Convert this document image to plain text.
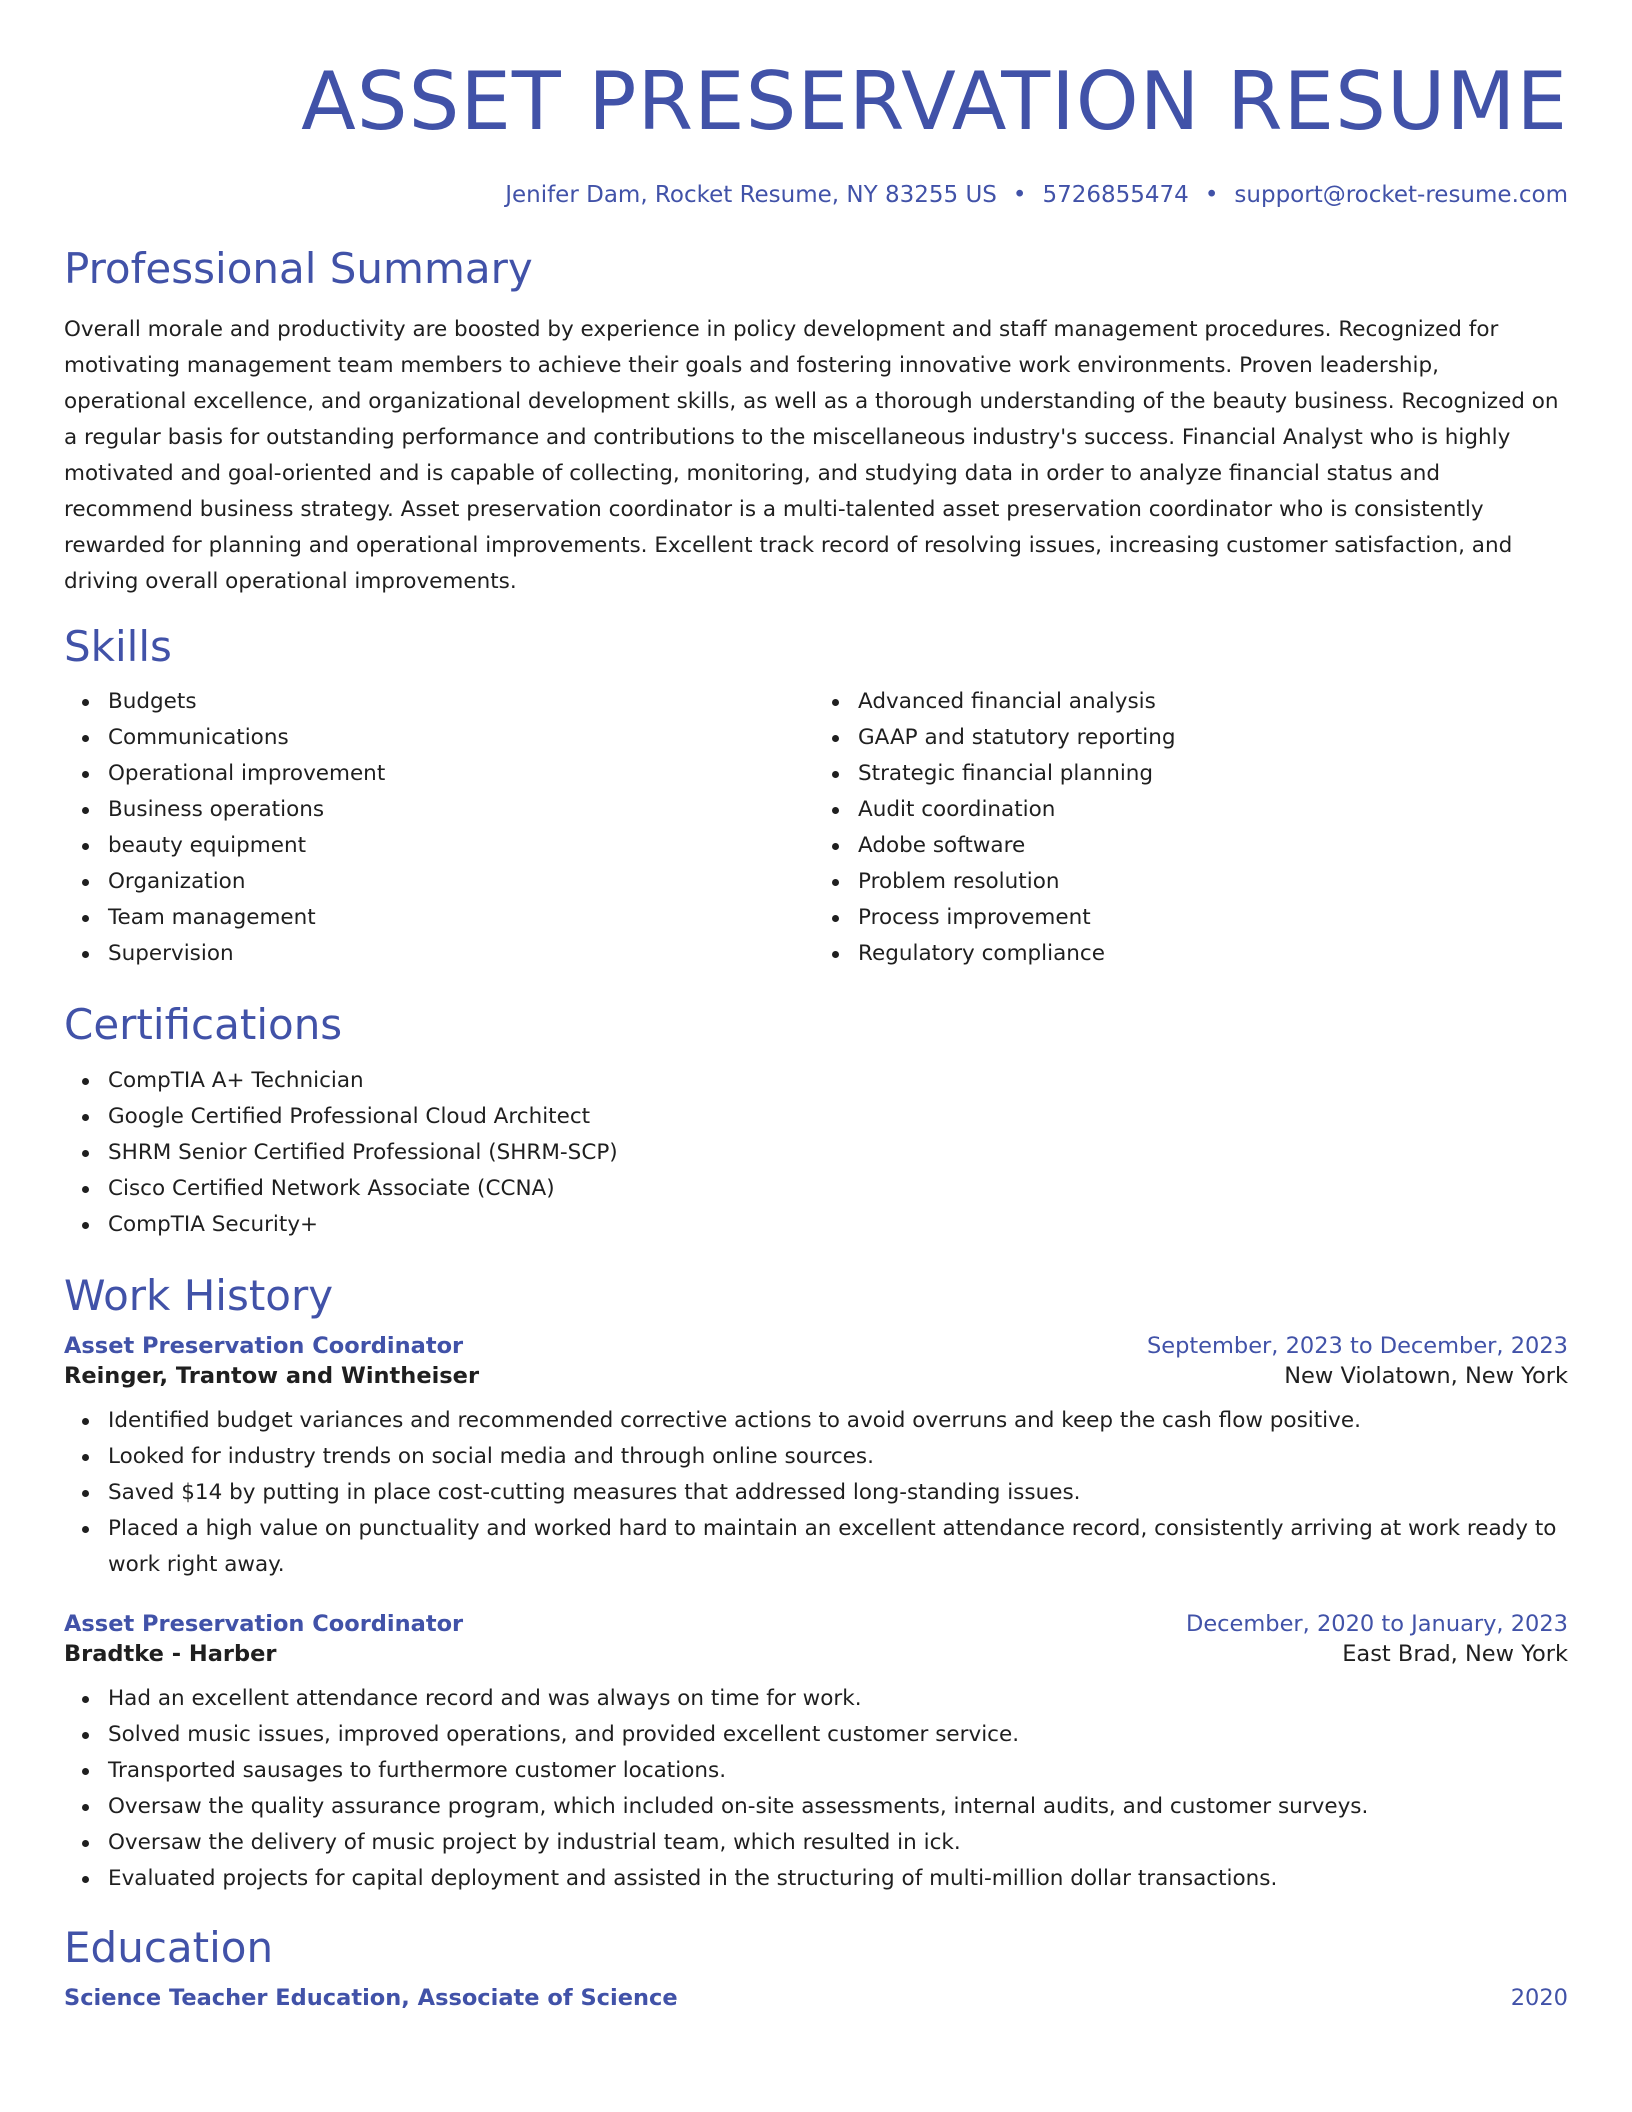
ASSET PRESERVATION RESUME
Jenifer Dam, Rocket Resume, NY 83255 US • 5726855474 • support@rocket-resume.com
Professional Summary

Overall morale and productivity are boosted by experience in policy development and staff management procedures. Recognized for motivating management team members to achieve their goals and fostering innovative work environments. Proven leadership, operational excellence, and organizational development skills, as well as a thorough understanding of the beauty business. Recognized on a regular basis for outstanding performance and contributions to the miscellaneous industry's success. Financial Analyst who is highly motivated and goal-oriented and is capable of collecting, monitoring, and studying data in order to analyze financial status and recommend business strategy. Asset preservation coordinator is a multi-talented asset preservation coordinator who is consistently rewarded for planning and operational improvements. Excellent track record of resolving issues, increasing customer satisfaction, and driving overall operational improvements.

Skills
Budgets
Communications
Operational improvement
Business operations
beauty equipment
Organization
Team management
Supervision
Advanced financial analysis
GAAP and statutory reporting
Strategic financial planning
Audit coordination
Adobe software
Problem resolution
Process improvement
Regulatory compliance
Certifications
CompTIA A+ Technician
Google Certified Professional Cloud Architect
SHRM Senior Certified Professional (SHRM-SCP)
Cisco Certified Network Associate (CCNA)
CompTIA Security+
Work History
Asset Preservation Coordinator	September, 2023 to December, 2023
Reinger, Trantow and Wintheiser	New Violatown, New York
Identified budget variances and recommended corrective actions to avoid overruns and keep the cash flow positive.
Looked for industry trends on social media and through online sources.
Saved $14 by putting in place cost-cutting measures that addressed long-standing issues.
Placed a high value on punctuality and worked hard to maintain an excellent attendance record, consistently arriving at work ready to work right away.
Asset Preservation Coordinator	December, 2020 to January, 2023
Bradtke - Harber	East Brad, New York
Had an excellent attendance record and was always on time for work.
Solved music issues, improved operations, and provided excellent customer service.
Transported sausages to furthermore customer locations.
Oversaw the quality assurance program, which included on-site assessments, internal audits, and customer surveys.
Oversaw the delivery of music project by industrial team, which resulted in ick.
Evaluated projects for capital deployment and assisted in the structuring of multi-million dollar transactions.
Education
Science Teacher Education, Associate of Science	2020
